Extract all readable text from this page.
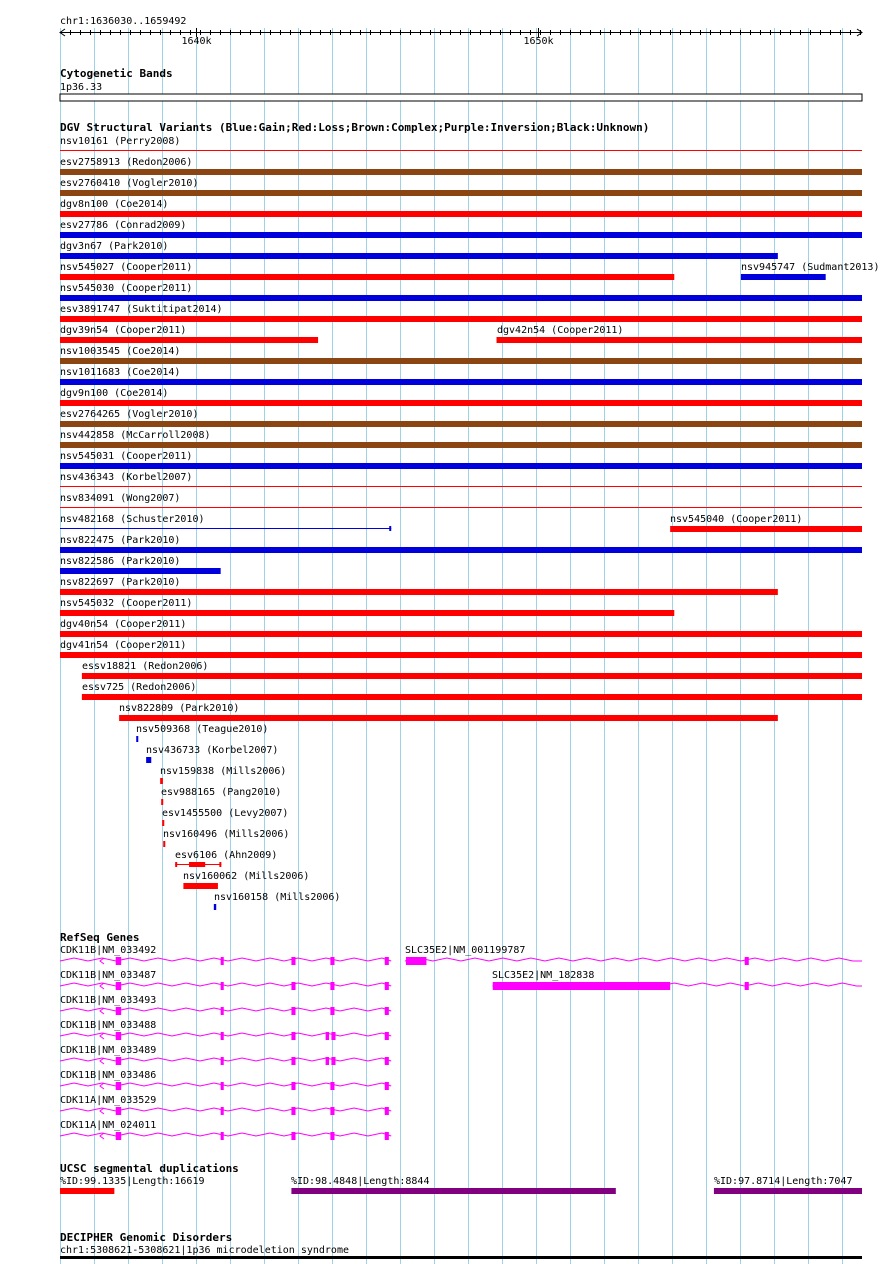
chr1:1636030..1659492
1640k	1650k
Cytogenetic Bands
1p36.33
DGV Structural Variants (Blue:Gain;Red:Loss;Brown:Complex;Purple:Inversion;Black:Unknown)
nsv10161 (Perry2008)
esv2758913 (Redon2006)
esv2760410 (Vogler2010)
dgv8n100 (Coe2014)
esv27786 (Conrad2009)
dgv3n67 (Park2010)
nsv545027 (Cooper2011)	nsv945747 (Sudmant2013)
nsv545030 (Cooper2011)
esv3891747 (Suktitipat2014)
dgv39n54 (Cooper2011)	dgv42n54 (Cooper2011)
nsv1003545 (Coe2014)
nsv1011683 (Coe2014)
dgv9n100 (Coe2014)
esv2764265 (Vogler2010)
nsv442858 (McCarroll2008)
nsv545031 (Cooper2011)
nsv436343 (Korbel2007)
nsv834091 (Wong2007)
nsv482168 (Schuster2010)	nsv545040 (Cooper2011)
nsv822475 (Park2010)
nsv822586 (Park2010)
nsv822697 (Park2010)
nsv545032 (Cooper2011)
dgv40n54 (Cooper2011)
dgv41n54 (Cooper2011)
essv18821 (Redon2006)
essv725 (Redon2006)
nsv822809 (Park2010)
nsv509368 (Teague2010)
nsv436733 (Korbel2007)
nsv159838 (Mills2006)
esv988165 (Pang2010)
esv1455500 (Levy2007)
nsv160496 (Mills2006)
esv6106 (Ahn2009)
nsv160062 (Mills2006)
nsv160158 (Mills2006)
RefSeq Genes
CDK11B|NM_033492	SLC35E2|NM_001199787
CDK11B|NM_033487	SLC35E2|NM_182838
CDK11B|NM_033493
CDK11B|NM_033488
CDK11B|NM_033489
CDK11B|NM_033486
CDK11A|NM_033529
CDK11A|NM_024011
UCSC segmental duplications
%ID:99.1335|Length:16619	%ID:98.4848|Length:8844	%ID:97.8714|Length:7047
DECIPHER Genomic Disorders
chr1:5308621-5308621|1p36 microdeletion syndrome
